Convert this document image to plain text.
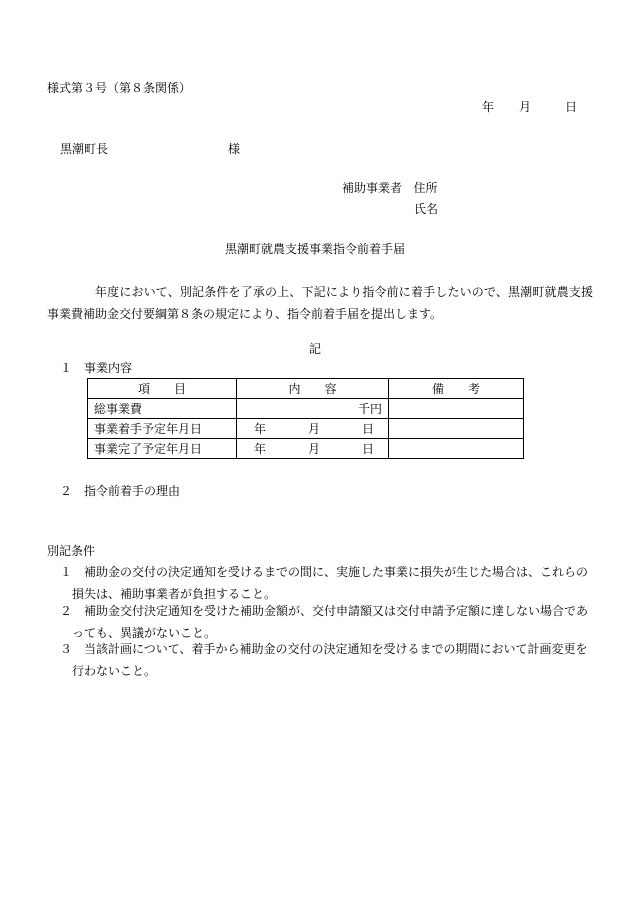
様式第３号（第８条関係）
年 月	日
黒潮町長	様
補助事業者 住所
氏名
黒潮町就農支援事業指令前着手届
年度において、別記条件を了承の上、下記により指令前に着手したいので、黒潮町就農支援事業費補助金交付要綱第８条の規定により、指令前着手届を提出します。
記
１ 事業内容
項　　目	内　　容	備　　考
総事業費	千円	
事業着手予定年月日	年 月 日	
事業完了予定年月日	年 月 日	
２ 指令前着手の理由
別記条件
１ 補助金の交付の決定通知を受けるまでの間に、実施した事業に損失が生じた場合は、これらの損失は、補助事業者が負担すること。
２ 補助金交付決定通知を受けた補助金額が、交付申請額又は交付申請予定額に達しない場合であっても、異議がないこと。
３ 当該計画について、着手から補助金の交付の決定通知を受けるまでの期間において計画変更を行わないこと。
